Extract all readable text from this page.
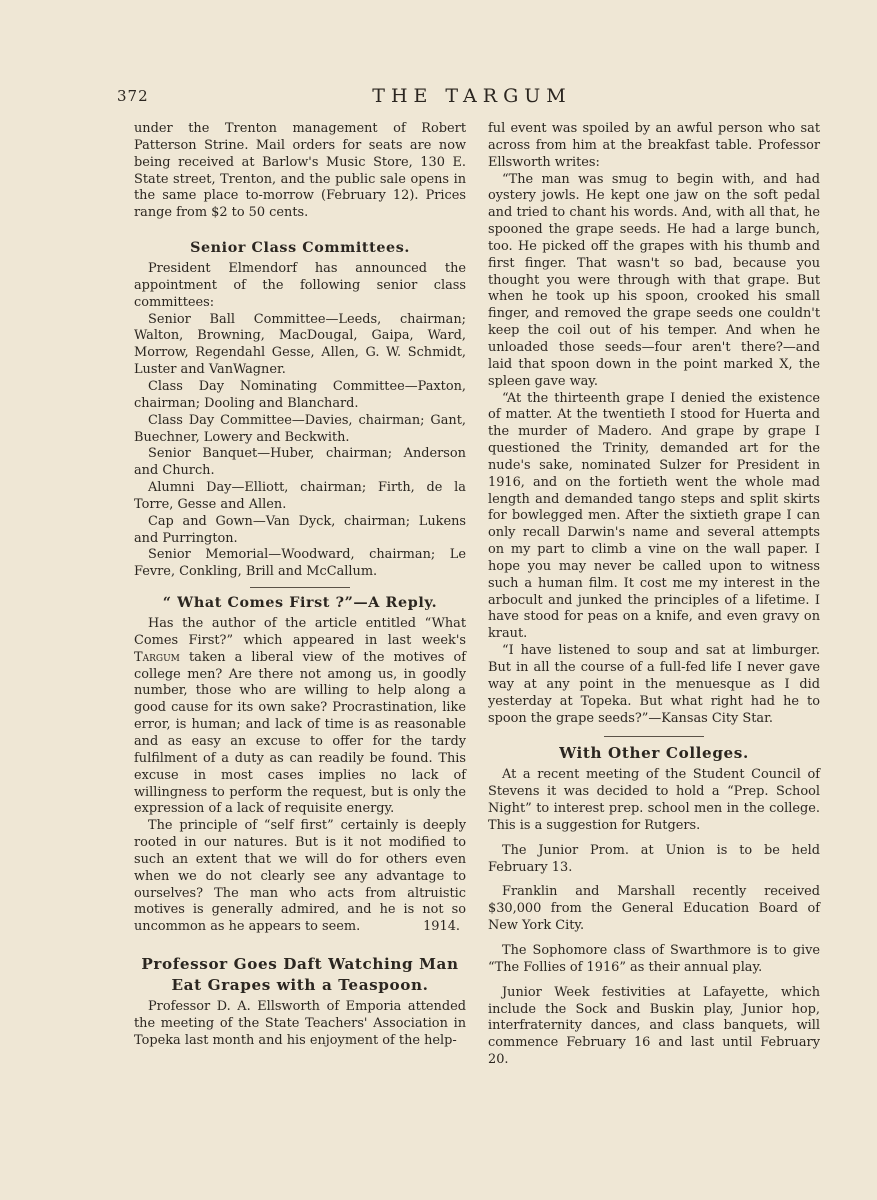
372	THE TARGUM

under the Trenton management of Robert Patterson Strine. Mail orders for seats are now being received at Barlow's Music Store, 130 E. State street, Trenton, and the public sale opens in the same place to-morrow (February 12). Prices range from $2 to 50 cents.

Senior Class Committees.

President Elmendorf has announced the appointment of the following senior class committees:

Senior Ball Committee—Leeds, chairman; Walton, Browning, MacDougal, Gaipa, Ward, Morrow, Regendahl Gesse, Allen, G. W. Schmidt, Luster and VanWagner.

Class Day Nominating Committee—Paxton, chairman; Dooling and Blanchard.

Class Day Committee—Davies, chairman; Gant, Buechner, Lowery and Beckwith.

Senior Banquet—Huber, chairman; Anderson and Church.

Alumni Day—Elliott, chairman; Firth, de la Torre, Gesse and Allen.

Cap and Gown—Van Dyck, chairman; Lukens and Purrington.

Senior Memorial—Woodward, chairman; Le Fevre, Conkling, Brill and McCallum.

“ What Comes First ?”—A Reply.

Has the author of the article entitled “What Comes First?” which appeared in last week's Targum taken a liberal view of the motives of college men? Are there not among us, in goodly number, those who are willing to help along a good cause for its own sake? Procrastination, like error, is human; and lack of time is as reasonable and as easy an excuse to offer for the tardy fulfilment of a duty as can readily be found. This excuse in most cases implies no lack of willingness to perform the request, but is only the expression of a lack of requisite energy.

The principle of “self first” certainly is deeply rooted in our natures. But is it not modified to such an extent that we will do for others even when we do not clearly see any advantage to ourselves? The man who acts from altruistic motives is generally admired, and he is not so uncommon as he appears to seem.	1914.

Professor Goes Daft Watching Man Eat Grapes with a Teaspoon.

Professor D. A. Ellsworth of Emporia attended the meeting of the State Teachers' Association in Topeka last month and his enjoyment of the help-

ful event was spoiled by an awful person who sat across from him at the breakfast table. Professor Ellsworth writes:

“The man was smug to begin with, and had oystery jowls. He kept one jaw on the soft pedal and tried to chant his words. And, with all that, he spooned the grape seeds. He had a large bunch, too. He picked off the grapes with his thumb and first finger. That wasn't so bad, because you thought you were through with that grape. But when he took up his spoon, crooked his small finger, and removed the grape seeds one couldn't keep the coil out of his temper. And when he unloaded those seeds—four aren't there?—and laid that spoon down in the point marked X, the spleen gave way.

“At the thirteenth grape I denied the existence of matter. At the twentieth I stood for Huerta and the murder of Madero. And grape by grape I questioned the Trinity, demanded art for the nude's sake, nominated Sulzer for President in 1916, and on the fortieth went the whole mad length and demanded tango steps and split skirts for bowlegged men. After the sixtieth grape I can only recall Darwin's name and several attempts on my part to climb a vine on the wall paper. I hope you may never be called upon to witness such a human film. It cost me my interest in the arbocult and junked the principles of a lifetime. I have stood for peas on a knife, and even gravy on kraut.

“I have listened to soup and sat at limburger. But in all the course of a full-fed life I never gave way at any point in the menuesque as I did yesterday at Topeka. But what right had he to spoon the grape seeds?”—Kansas City Star.

With Other Colleges.

At a recent meeting of the Student Council of Stevens it was decided to hold a “Prep. School Night” to interest prep. school men in the college. This is a suggestion for Rutgers.

The Junior Prom. at Union is to be held February 13.

Franklin and Marshall recently received $30,000 from the General Education Board of New York City.

The Sophomore class of Swarthmore is to give “The Follies of 1916” as their annual play.

Junior Week festivities at Lafayette, which include the Sock and Buskin play, Junior hop, interfraternity dances, and class banquets, will commence February 16 and last until February 20.
